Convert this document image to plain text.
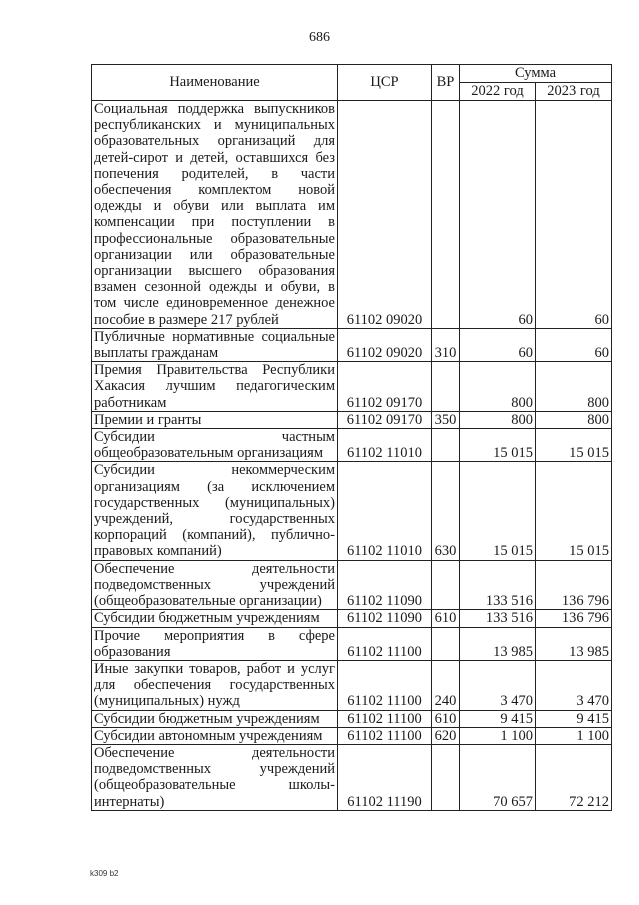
686
Наименование	ЦСР	ВР	Сумма	
			2022 год	2023 год
Социальная поддержка выпускников республиканских и муниципальных образовательных организаций для детей-сирот и детей, оставшихся без попечения родителей, в части обеспечения комплектом новой одежды и обуви или выплата им компенсации при поступлении в профессиональные образовательные организации или образовательные организации высшего образования взамен сезонной одежды и обуви, в том числе единовременное денежное пособие в размере 217 рублей	61102 09020		60	60
Публичные нормативные социальные выплаты гражданам	61102 09020	310	60	60
Премия Правительства Республики Хакасия лучшим педагогическим работникам	61102 09170		800	800
Премии и гранты	61102 09170	350	800	800
Субсидии частным общеобразовательным организациям	61102 11010		15 015	15 015
Субсидии некоммерческим организациям (за исключением государственных (муниципальных) учреждений, государственных корпораций (компаний), публично-правовых компаний)	61102 11010	630	15 015	15 015
Обеспечение деятельности подведомственных учреждений (общеобразовательные организации)	61102 11090		133 516	136 796
Субсидии бюджетным учреждениям	61102 11090	610	133 516	136 796
Прочие мероприятия в сфере образования	61102 11100		13 985	13 985
Иные закупки товаров, работ и услуг для обеспечения государственных (муниципальных) нужд	61102 11100	240	3 470	3 470
Субсидии бюджетным учреждениям	61102 11100	610	9 415	9 415
Субсидии автономным учреждениям	61102 11100	620	1 100	1 100
Обеспечение деятельности подведомственных учреждений (общеобразовательные школы-интернаты)	61102 11190		70 657	72 212
k309 b2
